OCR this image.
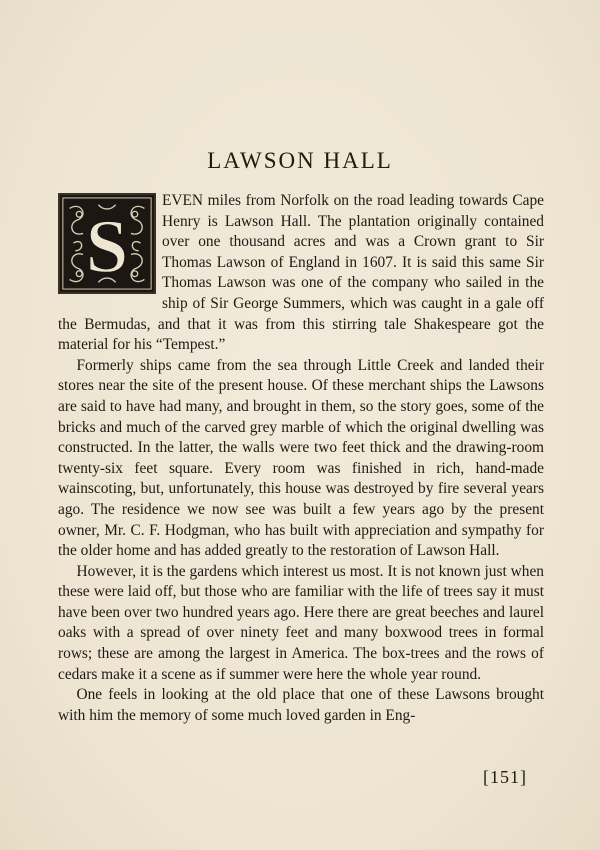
LAWSON HALL

S
EVEN miles from Norfolk on the road leading towards Cape Henry is Lawson Hall. The plantation originally contained over one thousand acres and was a Crown grant to Sir Thomas Lawson of England in 1607. It is said this same Sir Thomas Lawson was one of the company who sailed in the ship of Sir George Summers, which was caught in a gale off the Bermudas, and that it was from this stirring tale Shakespeare got the material for his “Tempest.”

Formerly ships came from the sea through Little Creek and landed their stores near the site of the present house. Of these merchant ships the Lawsons are said to have had many, and brought in them, so the story goes, some of the bricks and much of the carved grey marble of which the original dwelling was constructed. In the latter, the walls were two feet thick and the drawing-room twenty-six feet square. Every room was finished in rich, hand-made wainscoting, but, unfortunately, this house was destroyed by fire several years ago. The residence we now see was built a few years ago by the present owner, Mr. C. F. Hodgman, who has built with appreciation and sympathy for the older home and has added greatly to the restoration of Lawson Hall.

However, it is the gardens which interest us most. It is not known just when these were laid off, but those who are familiar with the life of trees say it must have been over two hundred years ago. Here there are great beeches and laurel oaks with a spread of over ninety feet and many boxwood trees in formal rows; these are among the largest in America. The box-trees and the rows of cedars make it a scene as if summer were here the whole year round.

One feels in looking at the old place that one of these Lawsons brought with him the memory of some much loved garden in Eng-

[151]
